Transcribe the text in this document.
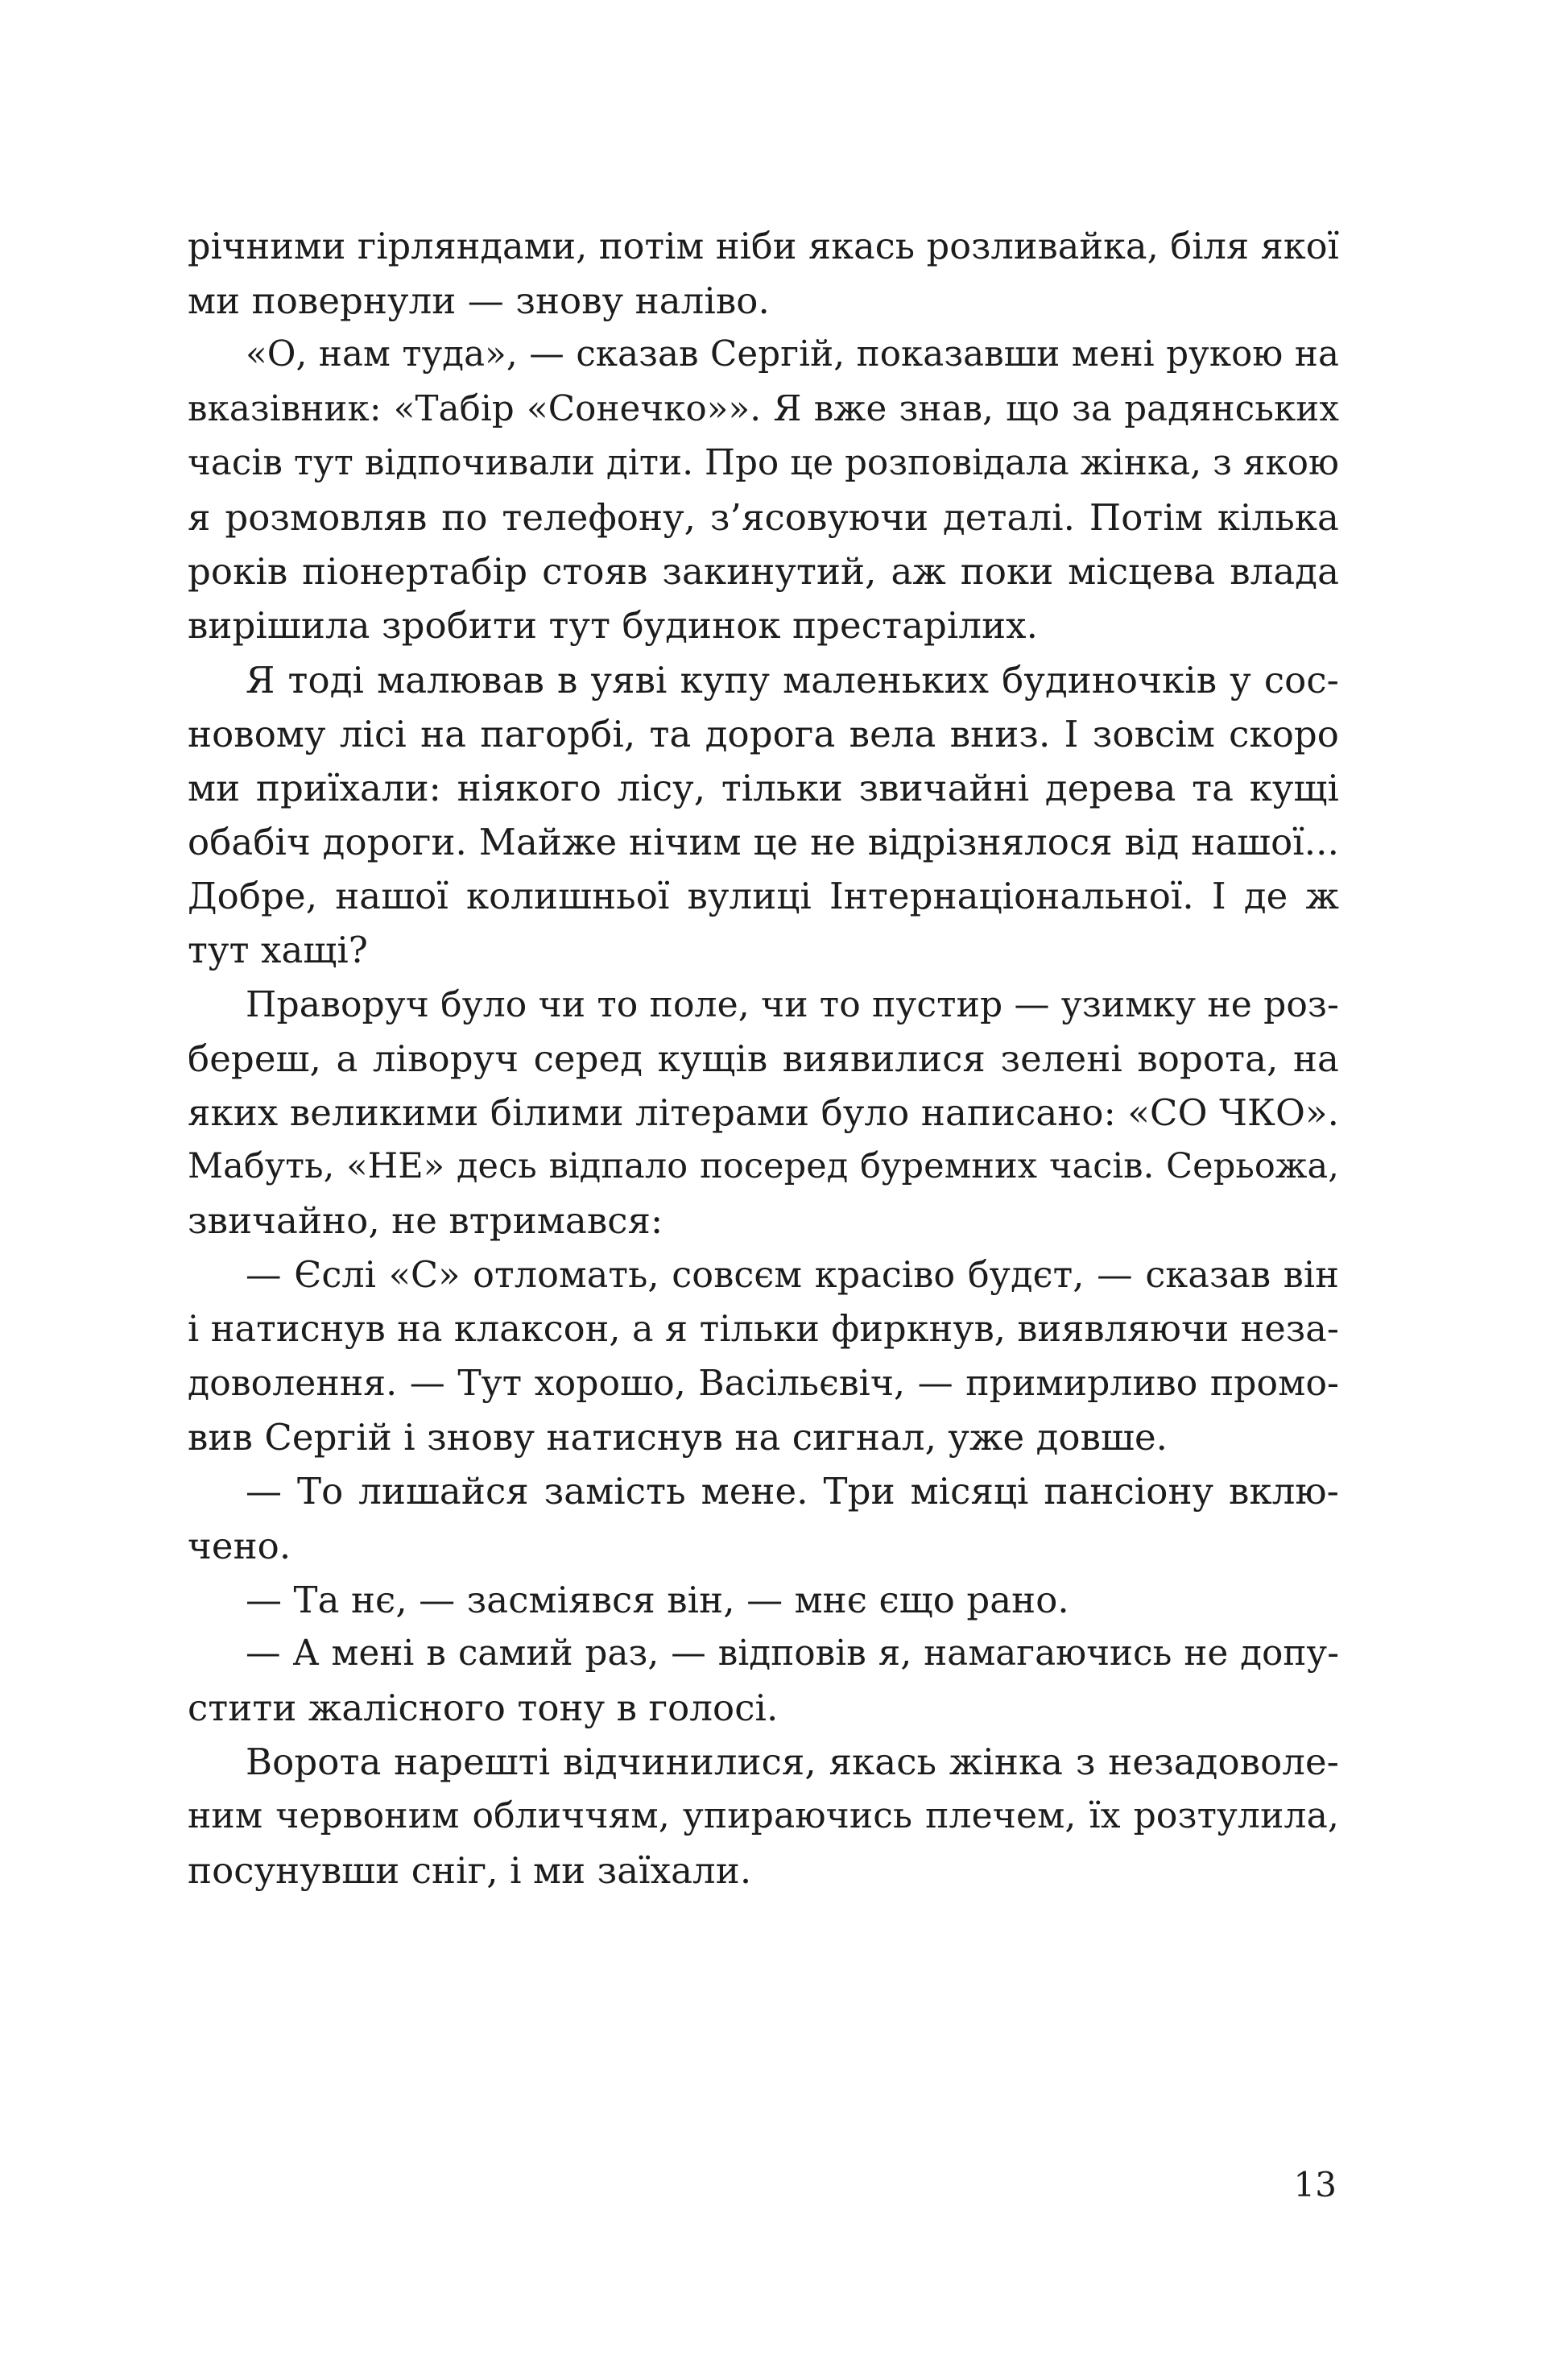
річними гірляндами, потім ніби якась розливайка, біля якої
ми повернули — знову наліво.
«О, нам туда», — сказав Сергій, показавши мені рукою на
вказівник: «Табір «Сонечко»». Я вже знав, що за радянських
часів тут відпочивали діти. Про це розповідала жінка, з якою
я розмовляв по телефону, з’ясовуючи деталі. Потім кілька
років піонертабір стояв закинутий, аж поки місцева влада
вирішила зробити тут будинок престарілих.
Я тоді малював в уяві купу маленьких будиночків у сос-
новому лісі на пагорбі, та дорога вела вниз. І зовсім скоро
ми приїхали: ніякого лісу, тільки звичайні дерева та кущі
обабіч дороги. Майже нічим це не відрізнялося від нашої...
Добре, нашої колишньої вулиці Інтернаціональної. І де ж
тут хащі?
Праворуч було чи то поле, чи то пустир — узимку не роз-
береш, а ліворуч серед кущів виявилися зелені ворота, на
яких великими білими літерами було написано: «СО ЧКО».
Мабуть, «НЕ» десь відпало посеред буремних часів. Серьожа,
звичайно, не втримався:
— Єслі «С» отломать, совсєм красіво будєт, — сказав він
і натиснув на клаксон, а я тільки фиркнув, виявляючи неза-
доволення. — Тут хорошо, Васільєвіч, — примирливо промо-
вив Сергій і знову натиснув на сигнал, уже довше.
— То лишайся замість мене. Три місяці пансіону вклю-
чено.
— Та нє, — засміявся він, — мнє єщо рано.
— А мені в самий раз, — відповів я, намагаючись не допу-
стити жалісного тону в голосі.
Ворота нарешті відчинилися, якась жінка з незадоволе-
ним червоним обличчям, упираючись плечем, їх розтулила,
посунувши сніг, і ми заїхали.
13
